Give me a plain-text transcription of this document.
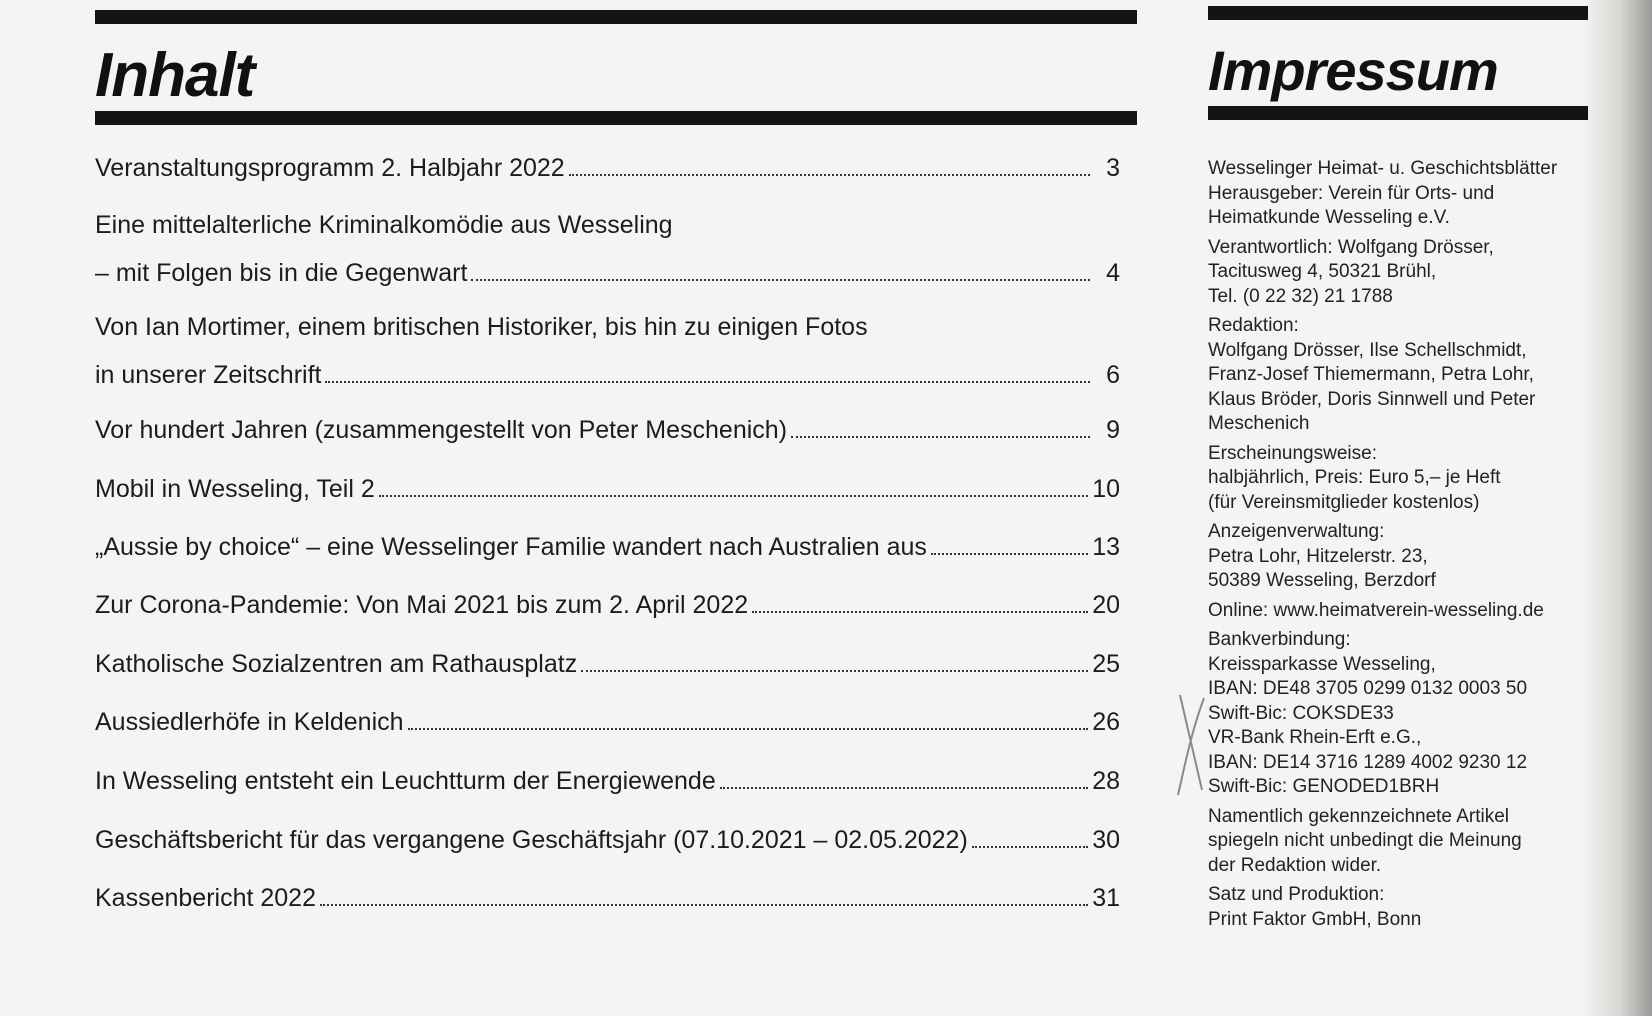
Inhalt
Veranstaltungsprogramm 2. Halbjahr 2022	3
Eine mittelalterliche Kriminalkomödie aus Wesseling
– mit Folgen bis in die Gegenwart	4
Von Ian Mortimer, einem britischen Historiker, bis hin zu einigen Fotos
in unserer Zeitschrift	6
Vor hundert Jahren (zusammengestellt von Peter Meschenich)	9
Mobil in Wesseling, Teil 2	10
„Aussie by choice“ – eine Wesselinger Familie wandert nach Australien aus	13
Zur Corona-Pandemie: Von Mai 2021 bis zum 2. April 2022	20
Katholische Sozialzentren am Rathausplatz	25
Aussiedlerhöfe in Keldenich	26
In Wesseling entsteht ein Leuchtturm der Energiewende	28
Geschäftsbericht für das vergangene Geschäftsjahr (07.10.2021 – 02.05.2022)	30
Kassenbericht 2022	31
Impressum
Wesselinger Heimat- u. Geschichtsblätter
Herausgeber: Verein für Orts- und
Heimatkunde Wesseling e.V.
Verantwortlich: Wolfgang Drösser,
Tacitusweg 4, 50321 Brühl,
Tel. (0 22 32) 21 1788
Redaktion:
Wolfgang Drösser, Ilse Schellschmidt,
Franz-Josef Thiemermann, Petra Lohr,
Klaus Bröder, Doris Sinnwell und Peter
Meschenich
Erscheinungsweise:
halbjährlich, Preis: Euro 5,– je Heft
(für Vereinsmitglieder kostenlos)
Anzeigenverwaltung:
Petra Lohr, Hitzelerstr. 23,
50389 Wesseling, Berzdorf
Online: www.heimatverein-wesseling.de
Bankverbindung:
Kreissparkasse Wesseling,
IBAN: DE48 3705 0299 0132 0003 50
Swift-Bic: COKSDE33
VR-Bank Rhein-Erft e.G.,
IBAN: DE14 3716 1289 4002 9230 12
Swift-Bic: GENODED1BRH
Namentlich gekennzeichnete Artikel
spiegeln nicht unbedingt die Meinung
der Redaktion wider.
Satz und Produktion:
Print Faktor GmbH, Bonn
